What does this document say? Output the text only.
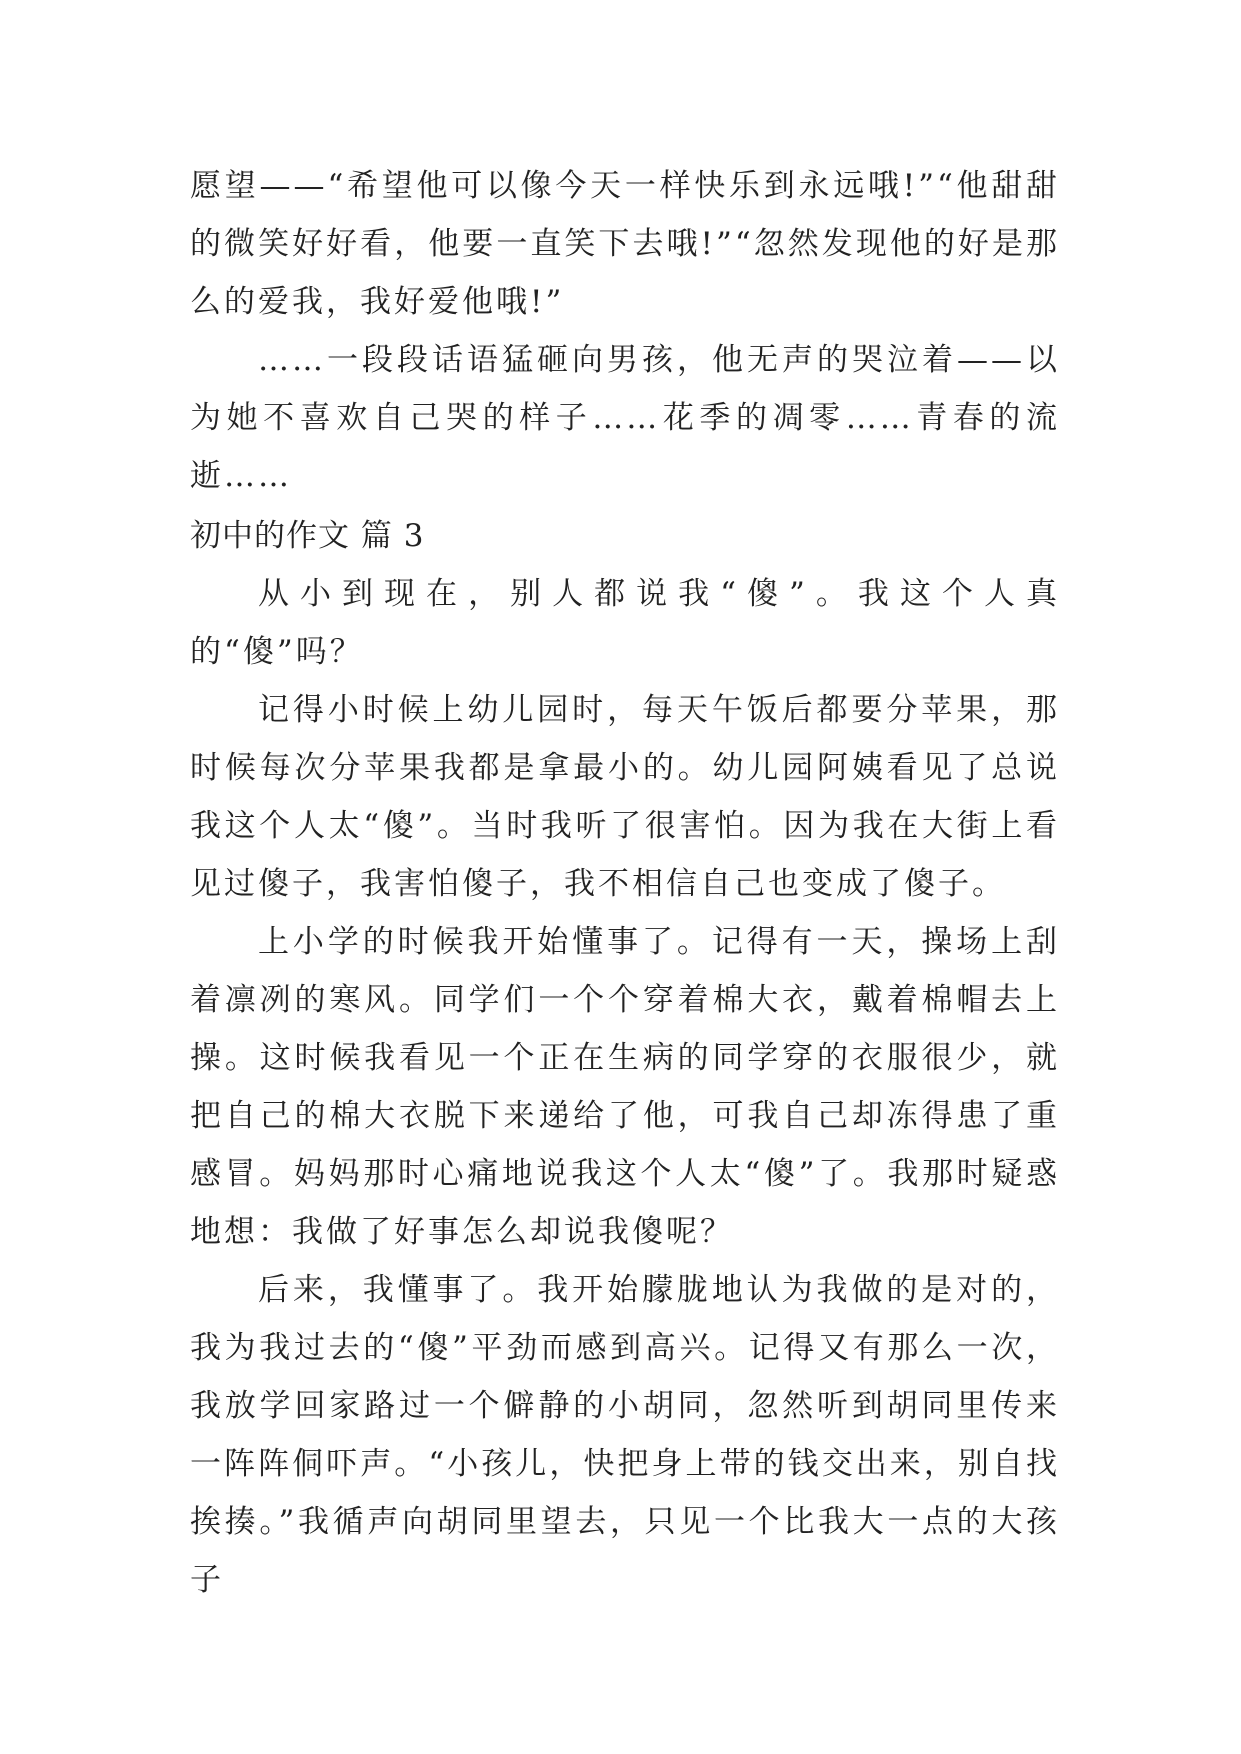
愿望——“希望他可以像今天一样快乐到永远哦!”“他甜甜的微笑好好看，他要一直笑下去哦!”“忽然发现他的好是那么的爱我，我好爱他哦!”

……一段段话语猛砸向男孩，他无声的哭泣着——以为她不喜欢自己哭的样子……花季的凋零……青春的流逝……

初中的作文 篇 3

从小到现在，别人都说我“傻”。我这个人真的“傻”吗？

记得小时候上幼儿园时，每天午饭后都要分苹果，那时候每次分苹果我都是拿最小的。幼儿园阿姨看见了总说我这个人太“傻”。当时我听了很害怕。因为我在大街上看见过傻子，我害怕傻子，我不相信自己也变成了傻子。

上小学的时候我开始懂事了。记得有一天，操场上刮着凛冽的寒风。同学们一个个穿着棉大衣，戴着棉帽去上操。这时候我看见一个正在生病的同学穿的衣服很少，就把自己的棉大衣脱下来递给了他，可我自己却冻得患了重感冒。妈妈那时心痛地说我这个人太“傻”了。我那时疑惑地想：我做了好事怎么却说我傻呢？

后来，我懂事了。我开始朦胧地认为我做的是对的，我为我过去的“傻”平劲而感到高兴。记得又有那么一次，我放学回家路过一个僻静的小胡同，忽然听到胡同里传来一阵阵侗吓声。“小孩儿，快把身上带的钱交出来，别自找挨揍。”我循声向胡同里望去，只见一个比我大一点的大孩子
